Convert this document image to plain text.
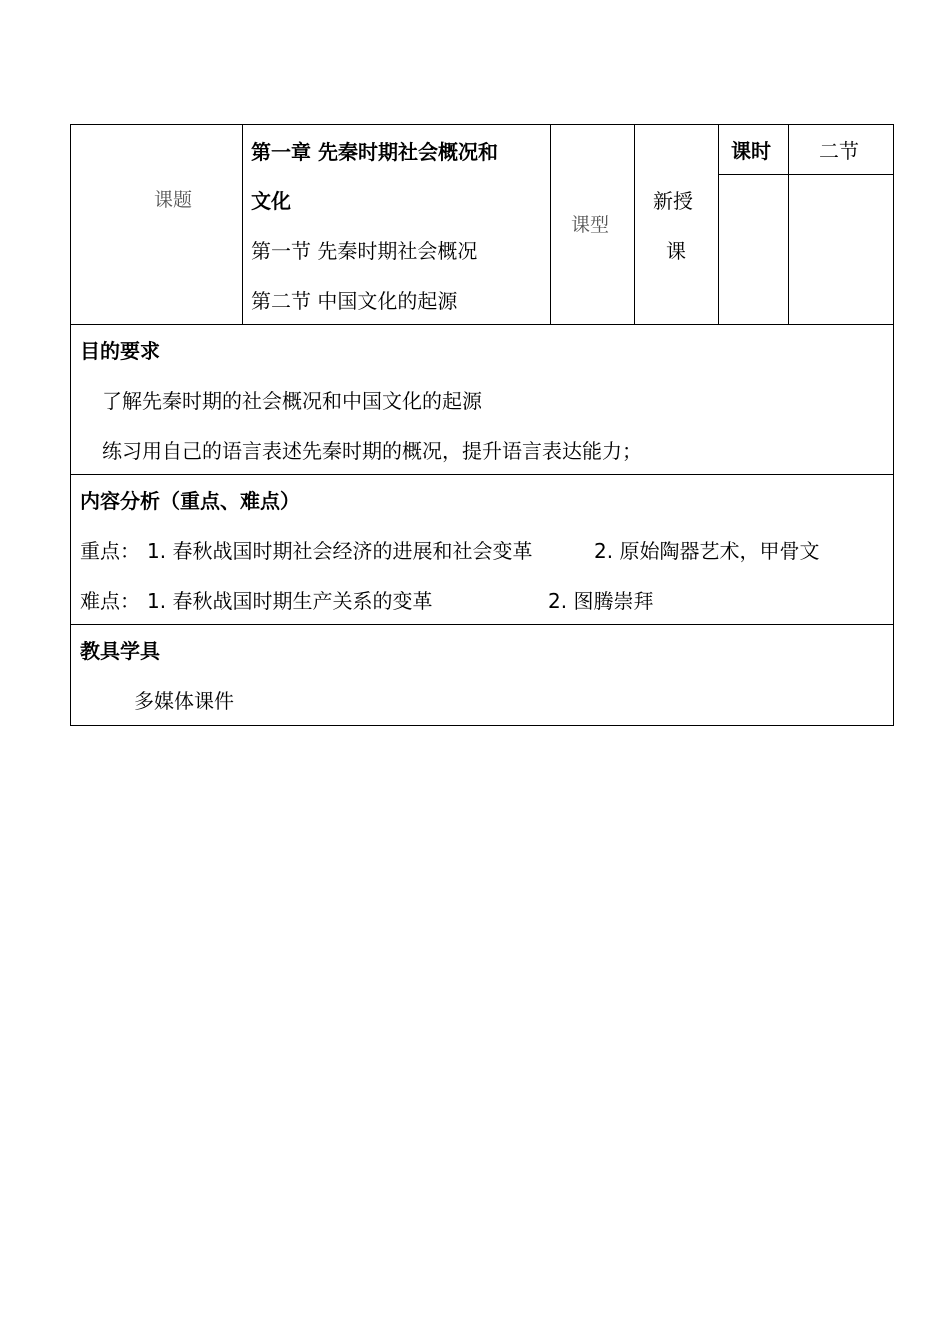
课题
第一章 先秦时期社会概况和
文化
第一节 先秦时期社会概况
第二节 中国文化的起源
课型
新授
课
课时 二节
目的要求
了解先秦时期的社会概况和中国文化的起源
练习用自己的语言表述先秦时期的概况，提升语言表达能力；
内容分析（重点、难点）
重点： 1. 春秋战国时期社会经济的进展和社会变革	2. 原始陶器艺术，甲骨文
难点： 1. 春秋战国时期生产关系的变革	2. 图腾崇拜
教具学具
多媒体课件
